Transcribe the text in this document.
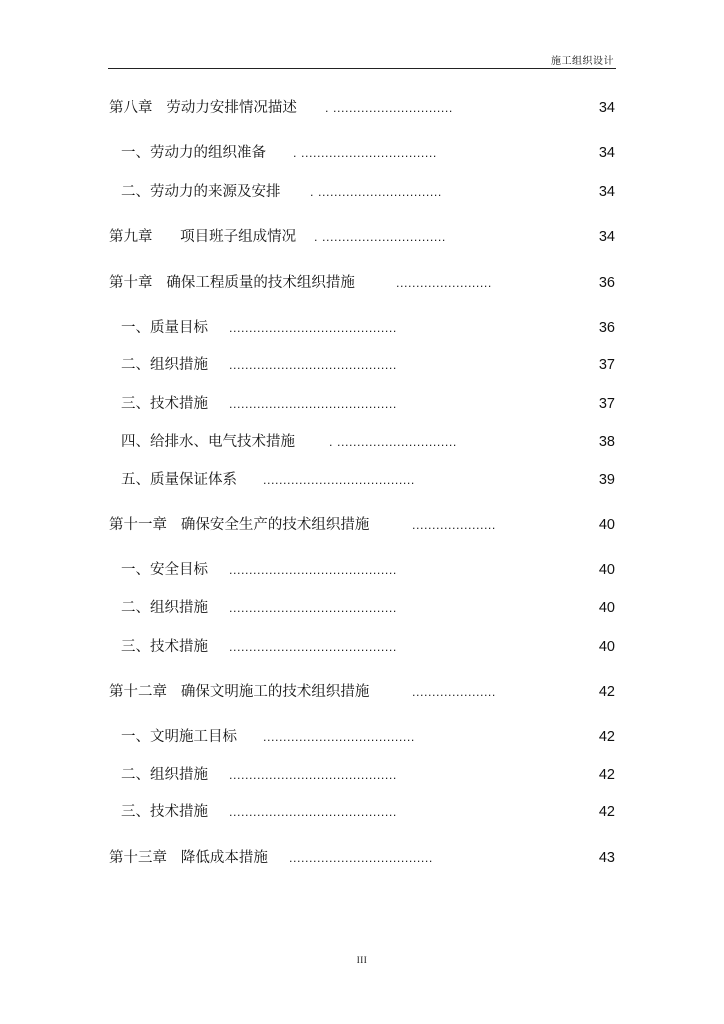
施工组织设计
第八章   劳动力安排情况描述	. ..............................	34
一、劳动力的组织准备 . ..................................	34
二、劳动力的来源及安排	. ...............................	34
第九章      项目班子组成情况 . ...............................	34
第十章   确保工程质量的技术组织措施	........................	36
一、质量目标 ..........................................	36
二、组织措施 ..........................................	37
三、技术措施 ..........................................	37
四、给排水、电气技术措施	. ..............................	38
五、质量保证体系 ......................................	39
第十一章   确保安全生产的技术组织措施	.....................	40
一、安全目标 ..........................................	40
二、组织措施 ..........................................	40
三、技术措施 ..........................................	40
第十二章   确保文明施工的技术组织措施	.....................	42
一、文明施工目标 ......................................	42
二、组织措施 ..........................................	42
三、技术措施 ..........................................	42
第十三章   降低成本措施 ....................................	43
III
